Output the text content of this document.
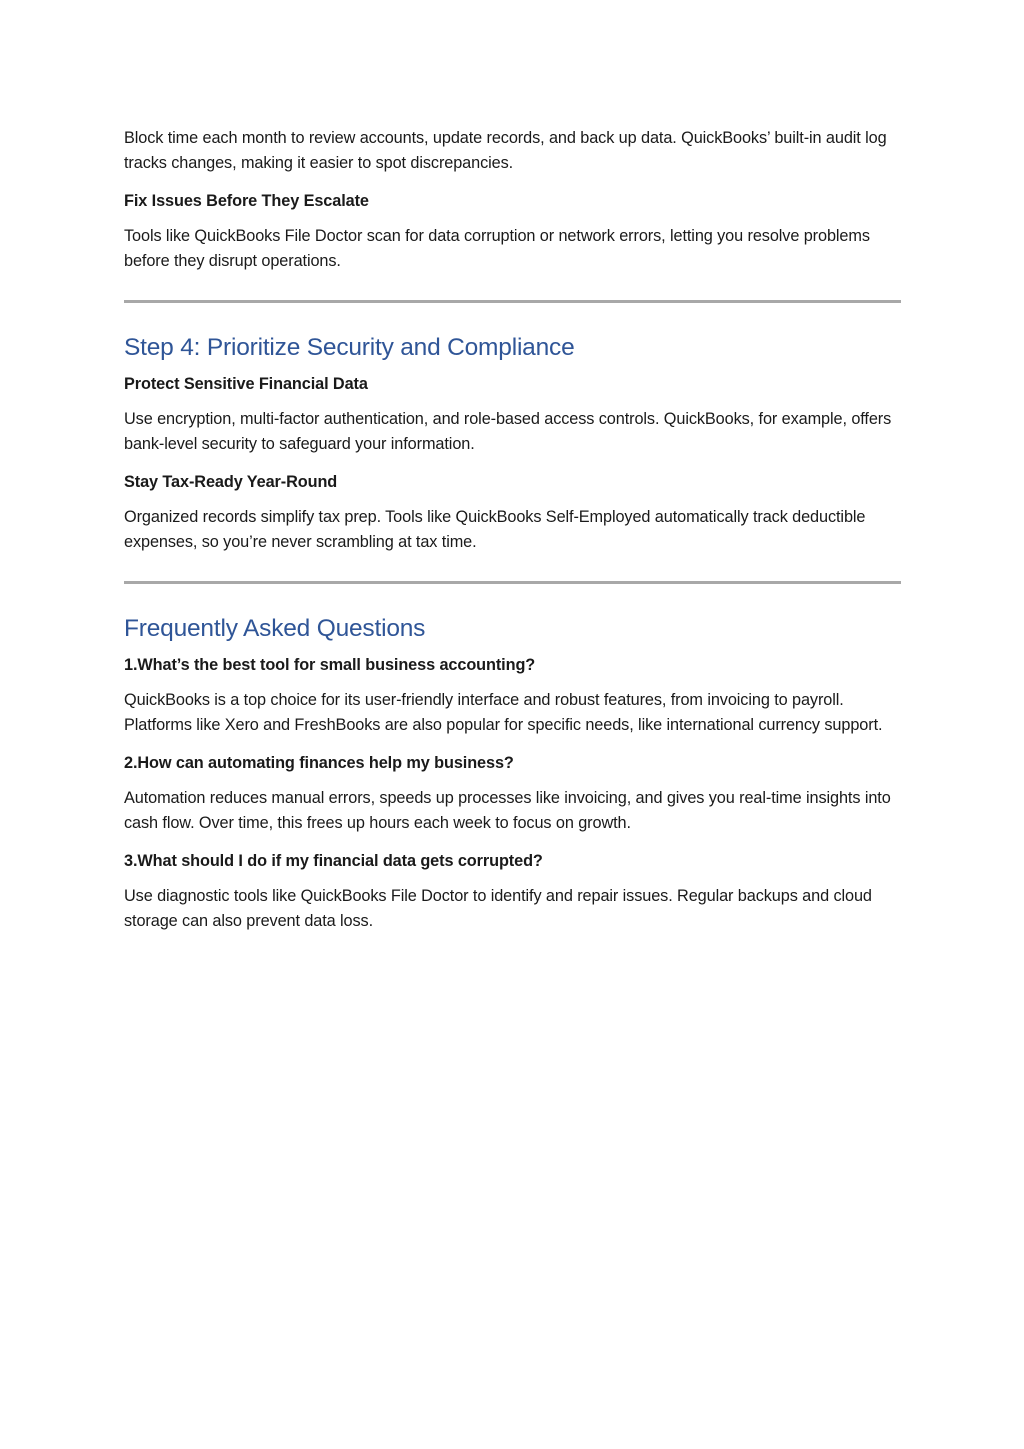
Block time each month to review accounts, update records, and back up data. QuickBooks’ built-in audit log tracks changes, making it easier to spot discrepancies.

Fix Issues Before They Escalate

Tools like QuickBooks File Doctor scan for data corruption or network errors, letting you resolve problems before they disrupt operations.

Step 4: Prioritize Security and Compliance
Protect Sensitive Financial Data

Use encryption, multi-factor authentication, and role-based access controls. QuickBooks, for example, offers bank-level security to safeguard your information.

Stay Tax-Ready Year-Round

Organized records simplify tax prep. Tools like QuickBooks Self-Employed automatically track deductible expenses, so you’re never scrambling at tax time.

Frequently Asked Questions
1.What’s the best tool for small business accounting?

QuickBooks is a top choice for its user-friendly interface and robust features, from invoicing to payroll. Platforms like Xero and FreshBooks are also popular for specific needs, like international currency support.

2.How can automating finances help my business?

Automation reduces manual errors, speeds up processes like invoicing, and gives you real-time insights into cash flow. Over time, this frees up hours each week to focus on growth.

3.What should I do if my financial data gets corrupted?

Use diagnostic tools like QuickBooks File Doctor to identify and repair issues. Regular backups and cloud storage can also prevent data loss.
